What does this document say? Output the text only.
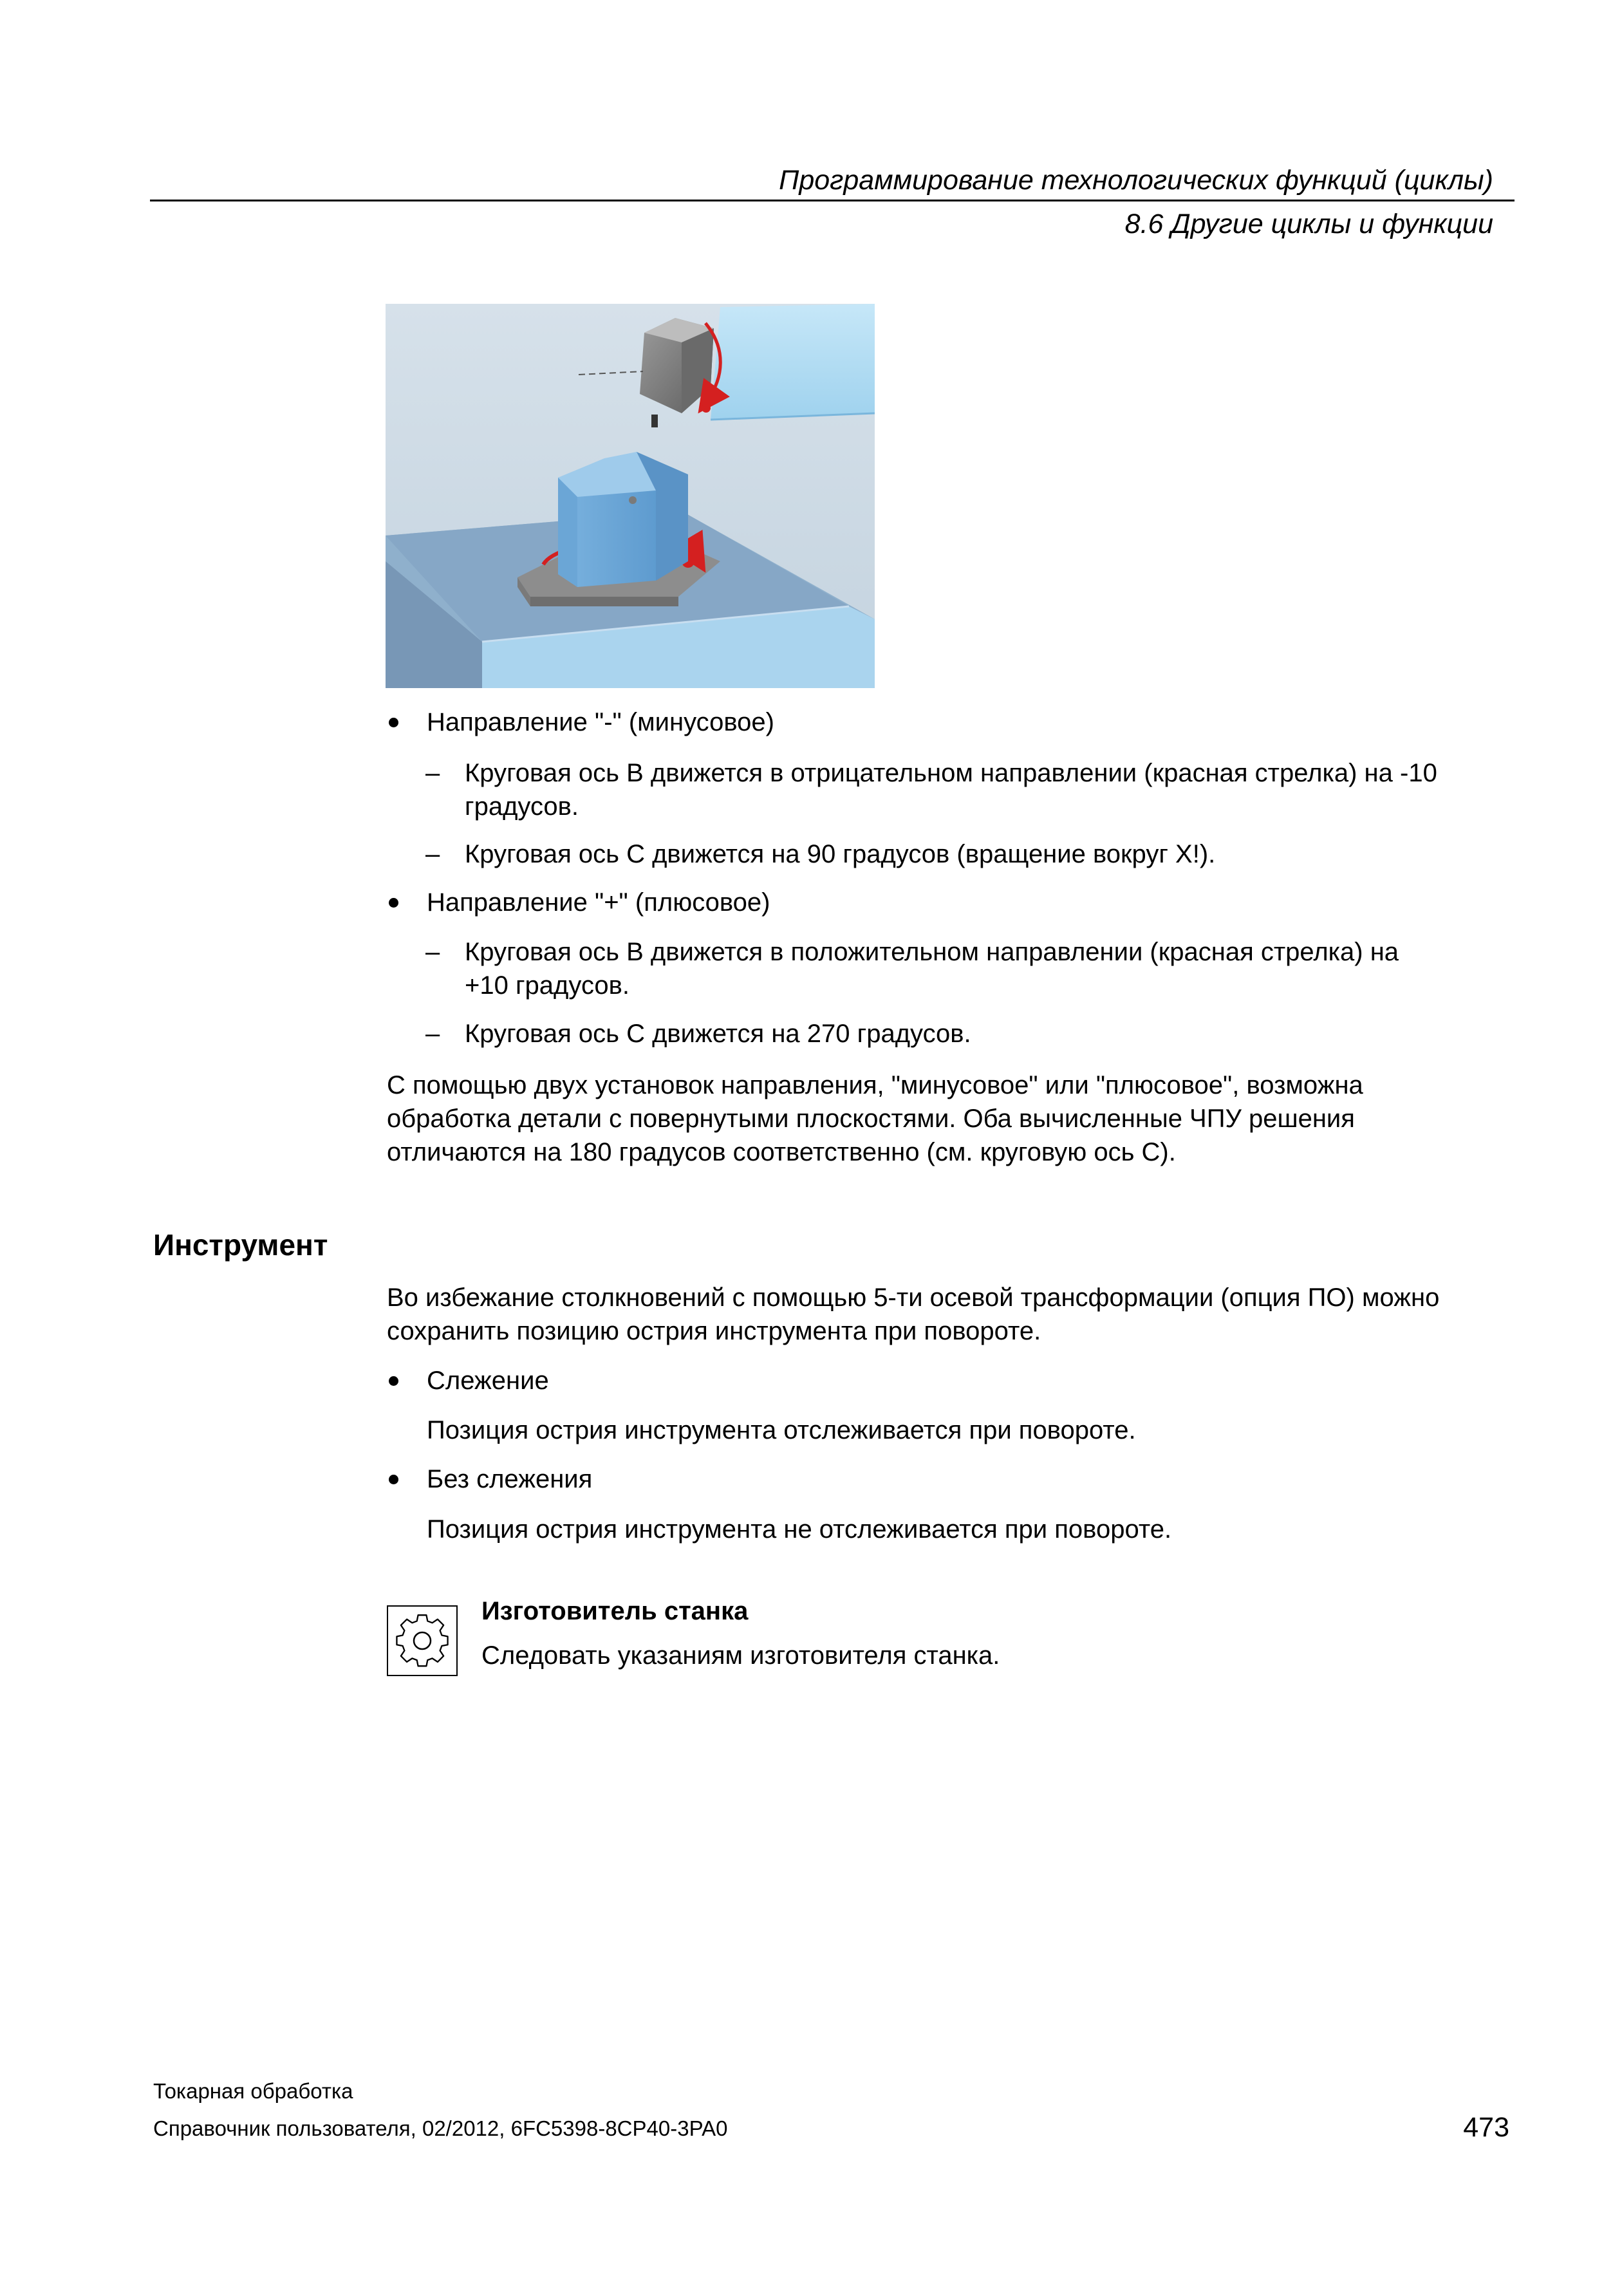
Программирование технологических функций (циклы)
8.6 Другие циклы и функции
Направление "-" (минусовое)
– Круговая ось B движется в отрицательном направлении (красная стрелка) на -10
градусов.
– Круговая ось C движется на 90 градусов (вращение вокруг X!).
Направление "+" (плюсовое)
– Круговая ось B движется в положительном направлении (красная стрелка) на
+10 градусов.
– Круговая ось C движется на 270 градусов.
С помощью двух установок направления, "минусовое" или "плюсовое", возможна
обработка детали с повернутыми плоскостями. Оба вычисленные ЧПУ решения
отличаются на 180 градусов соответственно (см. круговую ось C).
Инструмент
Во избежание столкновений с помощью 5-ти осевой трансформации (опция ПО) можно
сохранить позицию острия инструмента при повороте.
Слежение
Позиция острия инструмента отслеживается при повороте.
Без слежения
Позиция острия инструмента не отслеживается при повороте.
Изготовитель станка
Следовать указаниям изготовителя станка.
Токарная обработка
Справочник пользователя, 02/2012, 6FC5398-8CP40-3PA0	473
